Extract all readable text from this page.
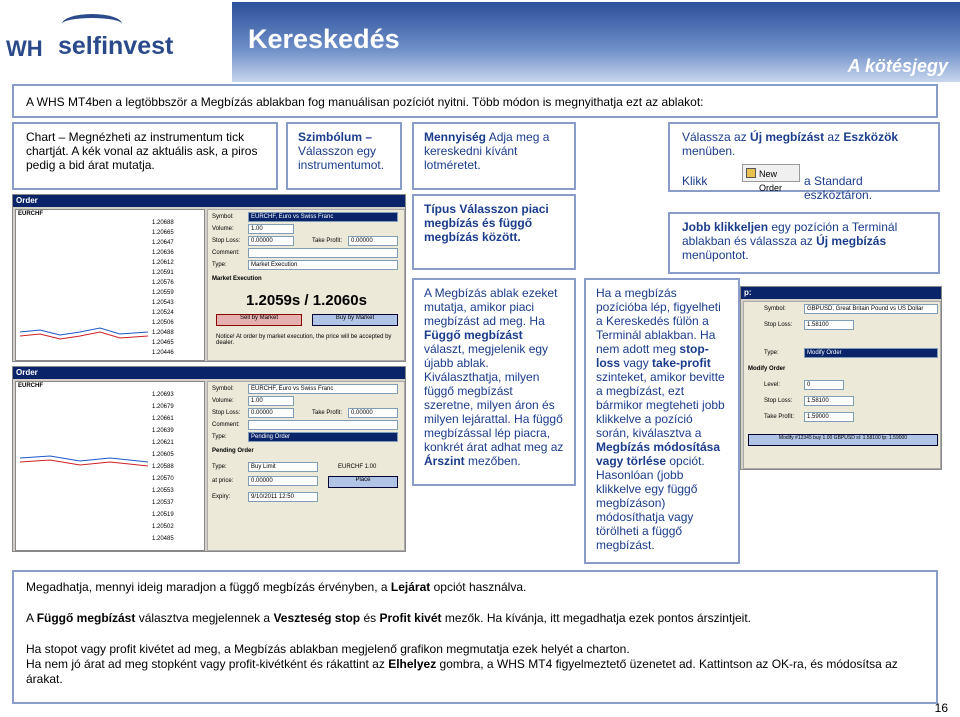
WH selfinvest	Kereskedés
A kötésjegy
A WHS MT4ben a legtöbbször a Megbízás ablakban fog manuálisan pozíciót nyitni. Több módon is megnyithatja ezt az ablakot:
Chart – Megnézheti az instrumentum tick chartját. A kék vonal az aktuális ask, a piros pedig a bid árat mutatja.
Szimbólum –
Válasszon egy instrumentumot.
Mennyiség Adja meg a kereskedni kívánt lotméretet.
Válassza az Új megbízást az Eszközök menüben.
Klikk	New Order	a Standard eszköztáron.
Típus Válasszon piaci megbízás és függő megbízás között.
Jobb klikkeljen egy pozíción a Terminál ablakban és válassza az Új megbízás menüpontot.
A Megbízás ablak ezeket mutatja, amikor piaci megbízást ad meg. Ha Függő megbízást választ, megjelenik egy újabb ablak. Kiválaszthatja, milyen függő megbízást szeretne, milyen áron és milyen lejárattal. Ha függő megbízással lép piacra, konkrét árat adhat meg az Árszint mezőben.
Ha a megbízás pozícióba lép, figyelheti a Kereskedés fülön a Terminál ablakban. Ha nem adott meg stop-loss vagy take-profit szinteket, amikor bevitte a megbízást, ezt bármikor megteheti jobb klikkelve a pozíció során, kiválasztva a Megbízás módosítása vagy törlése opciót. Hasonlóan (jobb klikkelve egy függő megbízáson) módosíthatja vagy törölheti a függő megbízást.
Order
EURCHF
1.20688
1.20665
1.20647
1.20636
1.20612
1.20591
1.20576
1.20559
1.20543
1.20524
1.20506
1.20488
1.20465
1.20446
Symbol:	EURCHF, Euro vs Swiss Franc
Volume:	1.00
Stop Loss:	0.00000	Take Profit:	0.00000
Comment:
Type:	Market Execution
Market Execution
1.2059s / 1.2060s
Sell by Market	Buy by Market
Notice! At order by market execution, the price will be accepted by dealer.
Order
EURCHF
1.20693
1.20679
1.20661
1.20639
1.20621
1.20605
1.20588
1.20570
1.20553
1.20537
1.20519
1.20502
1.20485
Symbol:	EURCHF, Euro vs Swiss Franc
Volume:	1.00
Stop Loss:	0.00000	Take Profit:	0.00000
Comment:
Type:	Pending Order
Pending Order
Type:	Buy Limit	EURCHF 1.00
at price:	0.00000	Place
Expiry:	9/10/2011 12:50
p:
Symbol:	GBPUSD, Great Britain Pound vs US Dollar
Stop Loss:	1.58100
Type:	Modify Order
Modify Order
Level:	0
Stop Loss:	1.58100
Take Profit:	1.59000
Modify #12345 buy 1.00 GBPUSD sl: 1.58100 tp: 1.59000
Megadhatja, mennyi ideig maradjon a függő megbízás érvényben, a Lejárat opciót használva.
A Függő megbízást választva megjelennek a Veszteség stop és Profit kivét mezők. Ha kívánja, itt megadhatja ezek pontos árszintjeit.
Ha stopot vagy profit kivétet ad meg, a Megbízás ablakban megjelenő grafikon megmutatja ezek helyét a charton.
Ha nem jó árat ad meg stopként vagy profit-kivétként és rákattint az Elhelyez gombra, a WHS MT4 figyelmeztető üzenetet ad. Kattintson az OK-ra, és módosítsa az árakat.
16
